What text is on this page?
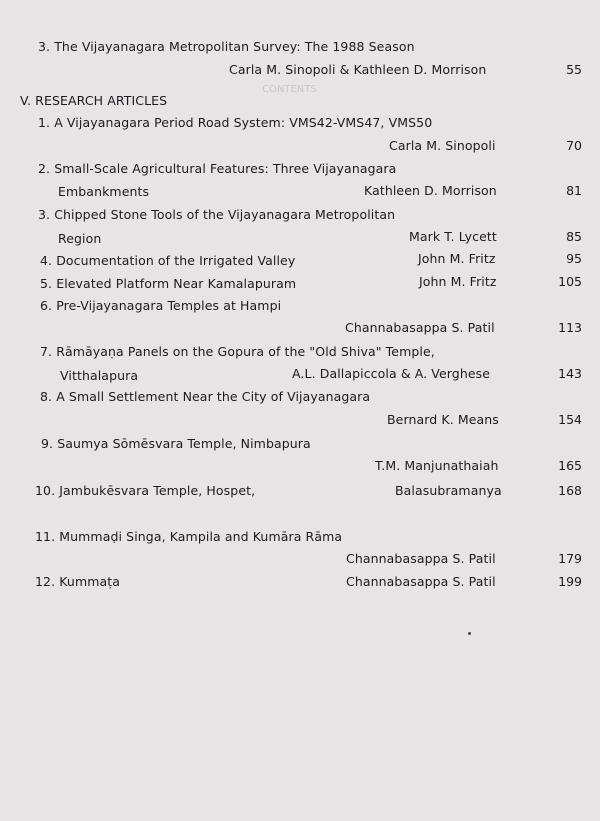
CONTENTS
3. The Vijayanagara Metropolitan Survey: The 1988 Season
Carla M. Sinopoli & Kathleen D. Morrison	55
V. RESEARCH ARTICLES
1. A Vijayanagara Period Road System: VMS42-VMS47, VMS50
Carla M. Sinopoli	70
2. Small-Scale Agricultural Features: Three Vijayanagara
Embankments	Kathleen D. Morrison	81
3. Chipped Stone Tools of the Vijayanagara Metropolitan
Region	Mark T. Lycett	85
4. Documentation of the Irrigated Valley	John M. Fritz	95
5. Elevated Platform Near Kamalapuram	John M. Fritz	105
6. Pre-Vijayanagara Temples at Hampi
Channabasappa S. Patil	113
7. Rāmāyaṇa Panels on the Gopura of the "Old Shiva" Temple,
Vitthalapura	A.L. Dallapiccola & A. Verghese	143
8. A Small Settlement Near the City of Vijayanagara
Bernard K. Means	154
9. Saumya Sōmēsvara Temple, Nimbapura
T.M. Manjunathaiah	165
10. Jambukēsvara Temple, Hospet,	Balasubramanya	168
11. Mummaḍi Singa, Kampila and Kumāra Rāma
Channabasappa S. Patil	179
12. Kummaṭa	Channabasappa S. Patil	199
